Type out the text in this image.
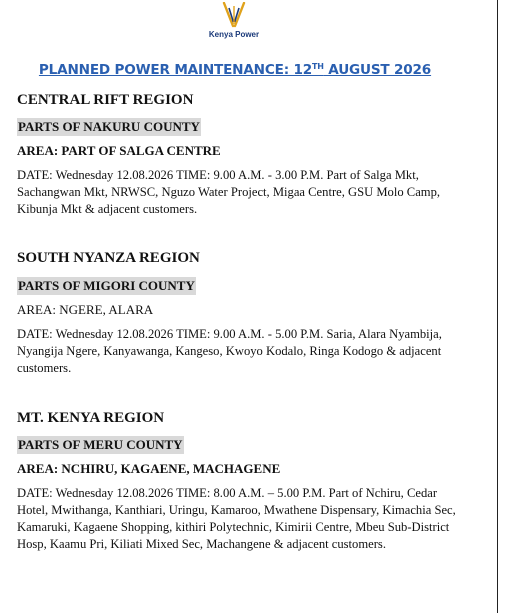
Kenya Power
PLANNED POWER MAINTENANCE: 12TH AUGUST 2026
CENTRAL RIFT REGION
PARTS OF NAKURU COUNTY
AREA: PART OF SALGA CENTRE
DATE: Wednesday 12.08.2026 TIME: 9.00 A.M. - 3.00 P.M. Part of Salga Mkt, Sachangwan Mkt, NRWSC, Nguzo Water Project, Migaa Centre, GSU Molo Camp, Kibunja Mkt & adjacent customers.
SOUTH NYANZA REGION
PARTS OF MIGORI COUNTY
AREA: NGERE, ALARA
DATE: Wednesday 12.08.2026 TIME: 9.00 A.M. - 5.00 P.M. Saria, Alara Nyambija, Nyangija Ngere, Kanyawanga, Kangeso, Kwoyo Kodalo, Ringa Kodogo & adjacent customers.
MT. KENYA REGION
PARTS OF MERU COUNTY
AREA: NCHIRU, KAGAENE, MACHAGENE
DATE: Wednesday 12.08.2026 TIME: 8.00 A.M. – 5.00 P.M. Part of Nchiru, Cedar Hotel, Mwithanga, Kanthiari, Uringu, Kamaroo, Mwathene Dispensary, Kimachia Sec, Kamaruki, Kagaene Shopping, kithiri Polytechnic, Kimirii Centre, Mbeu Sub-District Hosp, Kaamu Pri, Kiliati Mixed Sec, Machangene & adjacent customers.
